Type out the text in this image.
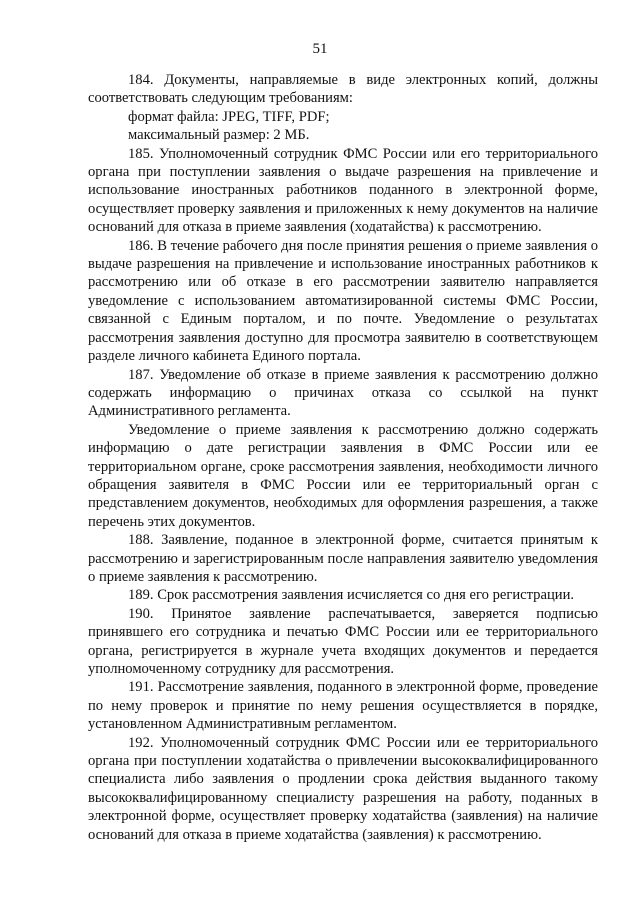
51

184. Документы, направляемые в виде электронных копий, должны соответствовать следующим требованиям:

формат файла: JPEG, TIFF, PDF;

максимальный размер: 2 МБ.

185. Уполномоченный сотрудник ФМС России или его территориального органа при поступлении заявления о выдаче разрешения на привлечение и использование иностранных работников поданного в электронной форме, осуществляет проверку заявления и приложенных к нему документов на наличие оснований для отказа в приеме заявления (ходатайства) к рассмотрению.

186. В течение рабочего дня после принятия решения о приеме заявления о выдаче разрешения на привлечение и использование иностранных работников к рассмотрению или об отказе в его рассмотрении заявителю направляется уведомление с использованием автоматизированной системы ФМС России, связанной с Единым порталом, и по почте. Уведомление о результатах рассмотрения заявления доступно для просмотра заявителю в соответствующем разделе личного кабинета Единого портала.

187. Уведомление об отказе в приеме заявления к рассмотрению должно содержать информацию о причинах отказа со ссылкой на пункт Административного регламента.

Уведомление о приеме заявления к рассмотрению должно содержать информацию о дате регистрации заявления в ФМС России или ее территориальном органе, сроке рассмотрения заявления, необходимости личного обращения заявителя в ФМС России или ее территориальный орган с представлением документов, необходимых для оформления разрешения, а также перечень этих документов.

188. Заявление, поданное в электронной форме, считается принятым к рассмотрению и зарегистрированным после направления заявителю уведомления о приеме заявления к рассмотрению.

189. Срок рассмотрения заявления исчисляется со дня его регистрации.

190. Принятое заявление распечатывается, заверяется подписью принявшего его сотрудника и печатью ФМС России или ее территориального органа, регистрируется в журнале учета входящих документов и передается уполномоченному сотруднику для рассмотрения.

191. Рассмотрение заявления, поданного в электронной форме, проведение по нему проверок и принятие по нему решения осуществляется в порядке, установленном Административным регламентом.

192. Уполномоченный сотрудник ФМС России или ее территориального органа при поступлении ходатайства о привлечении высококвалифицированного специалиста либо заявления о продлении срока действия выданного такому высококвалифицированному специалисту разрешения на работу, поданных в электронной форме, осуществляет проверку ходатайства (заявления) на наличие оснований для отказа в приеме ходатайства (заявления) к рассмотрению.
